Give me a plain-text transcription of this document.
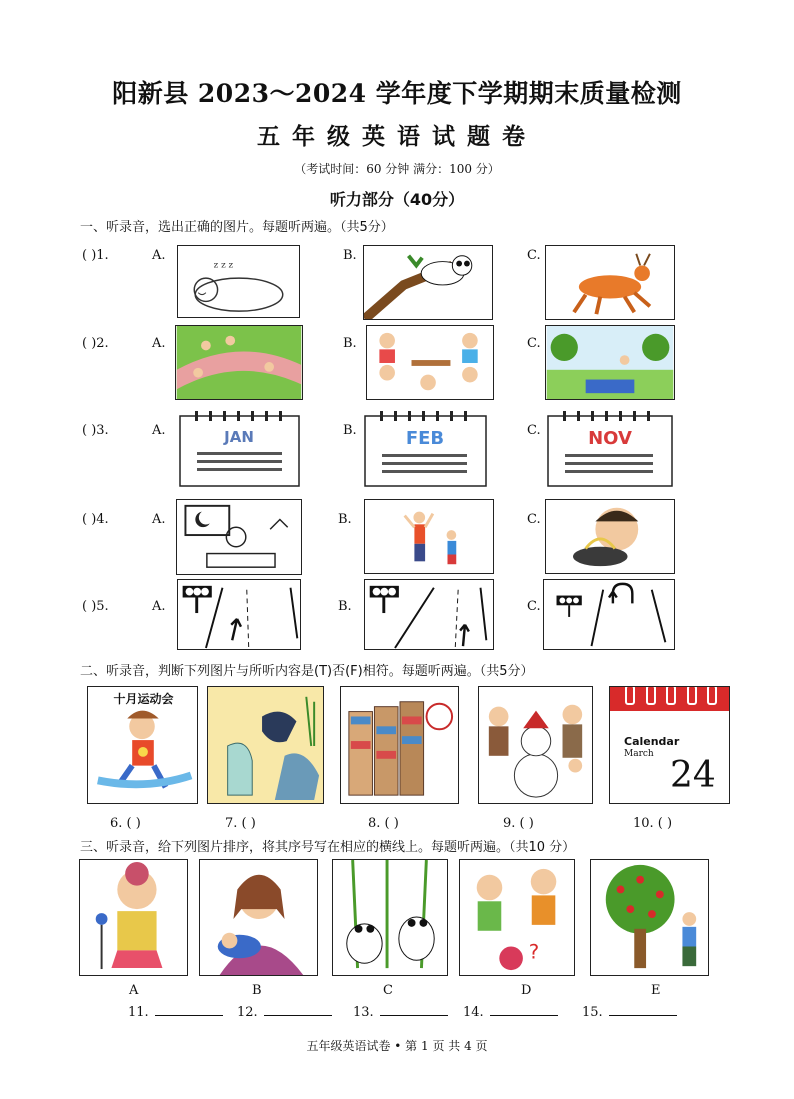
阳新县 2023～2024 学年度下学期期末质量检测
五年级英语试题卷
（考试时间：60 分钟 满分：100 分）
听力部分（40分）
一、听录音，选出正确的图片。每题听两遍。（共5分）
( )1.	A.
z z z
B.	C.
( )2.	A.	B.	C.
( )3.	A.	JAN	B.	FEB	C.	NOV
( )4.	A.	B.	C.
( )5.	A.	B.	C.
二、听录音，判断下列图片与所听内容是(T)否(F)相符。每题听两遍。（共5分）
十月运动会
Calendar
March
24
6. ( )	7. ( )	8. ( )	9. ( )	10. ( )
三、听录音，给下列图片排序，将其序号写在相应的横线上。每题听两遍。（共10 分）
?
A	B	C	D	E
11.	12.	13.	14.	15.
五年级英语试卷 • 第 1 页 共 4 页
